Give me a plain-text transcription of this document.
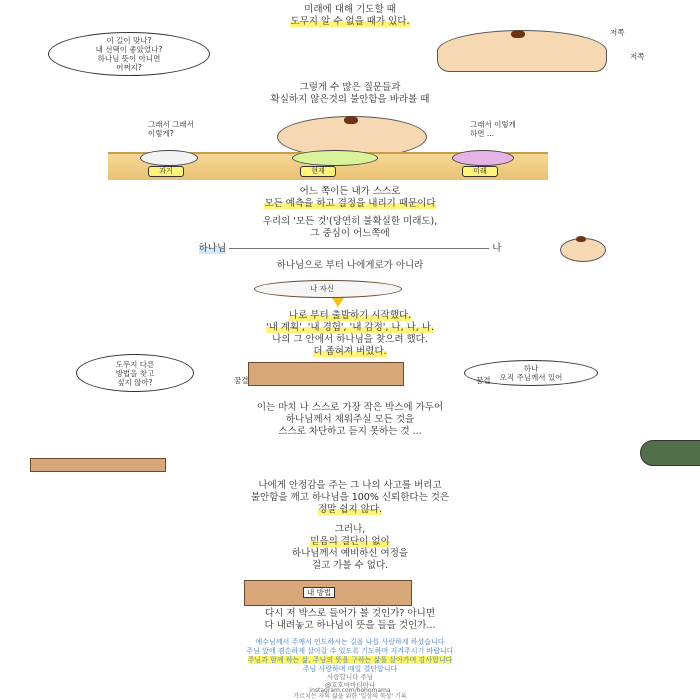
미래에 대해 기도할 때
도무지 알 수 없을 때가 있다.
이 길이 맞나?
내 선택이 좋았었나?
하나님 뜻이 아니면
어쩌지?
저쪽
저쪽
그렇게 수 많은 질문들과
확실하지 않은것의 불안함을 바라볼 때
그래서 그래서
이렇게?
그래서 이렇게
하면 ...
과거	현재	미래
어느 쪽이든 내가 스스로
모든 예측을 하고 결정을 내리기 때문이다
우리의 '모든 것'(당연히 불확실한 미래도),
그 중심이 어느쪽에
하나님	나
하나님으로 부터 나에게로가 아니라
나 자신
나로 부터 출발하기 시작했다.
'내 계획', '내 경험', '내 감정', 나, 나, 나.
나의 그 안에서 하나님을 찾으려 했다.
더 좁혀져 버렸다.
도무지 다른
방법을 찾고
싶지 않아?	꿈결
하나
오직 주님께서 있어
꿈결
이는 마치 나 스스로 가장 작은 박스에 가두어
하나님께서 채워주실 모든 것을
스스로 차단하고 듣지 못하는 것 ...
나에게 안정감을 주는 그 나의 사고를 버리고
불안함을 깨고 하나님을 100% 신뢰한다는 것은
정말 쉽지 않다.
그러나,
믿음의 결단이 없이
하나님께서 예비하신 여정을
걸고 가볼 수 없다.
내 방법
다시 저 박스로 들어가 볼 것인가? 아니면
다 내려놓고 하나님이 뜻을 들을 것인가...
예수님께서 주께서 인도하시는 길을 나를 사랑하게 하셨습니다
주님 앞에 겸손하게 살아갈 수 있도록 기도하며 지켜주시기 바랍니다
주님과 함께 하는 삶, 주님의 뜻을 구하는 삶을 살아가며 감사합니다
주님 사랑하며 매일 결단합니다
사랑합니다 주님
@호호마마티아나
instagram.com/hohomama
가르치는 자의 삶을 위한 '일상의 묵상' 기록
